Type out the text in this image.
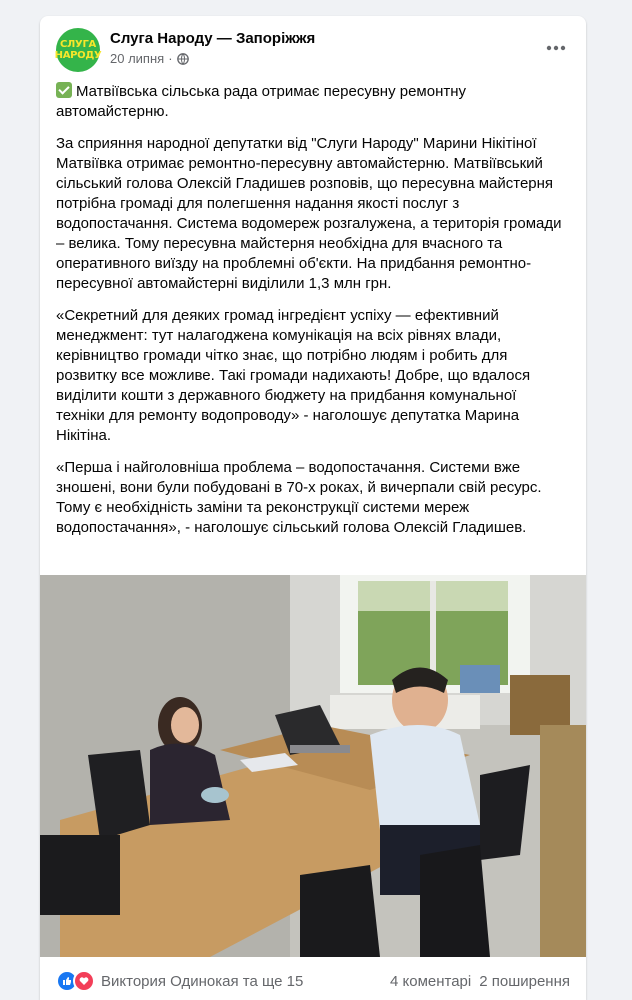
СЛУГА
НАРОДУ
Слуга Народу — Запоріжжя
20 липня ·

Матвіївська сільська рада отримає пересувну ремонтну автомайстерню.

За сприяння народної депутатки від "Слуги Народу" Марини Нікітіної Матвіївка отримає ремонтно-пересувну автомайстерню. Матвіївський сільський голова Олексій Гладишев розповів, що пересувна майстерня потрібна громаді для полегшення надання якості послуг з водопостачання. Система водомереж розгалужена, а територія громади – велика. Тому пересувна майстерня необхідна для вчасного та оперативного виїзду на проблемні об'єкти. На придбання ремонтно-пересувної автомайстерні виділили 1,3 млн грн.

«Секретний для деяких громад інгредієнт успіху — ефективний менеджмент: тут налагоджена комунікація на всіх рівнях влади, керівництво громади чітко знає, що потрібно людям і робить для розвитку все можливе. Такі громади надихають! Добре, що вдалося виділити кошти з державного бюджету на придбання комунальної техніки для ремонту водопроводу» - наголошує депутатка Марина Нікітіна.

«Перша і найголовніша проблема – водопостачання. Системи вже зношені, вони були побудовані в 70-х роках, й вичерпали свій ресурс. Тому є необхідність заміни та реконструкції системи мереж водопостачання», - наголошує сільський голова Олексій Гладишев.

Виктория Одинокая та ще 15	4 коментарі 2 поширення
